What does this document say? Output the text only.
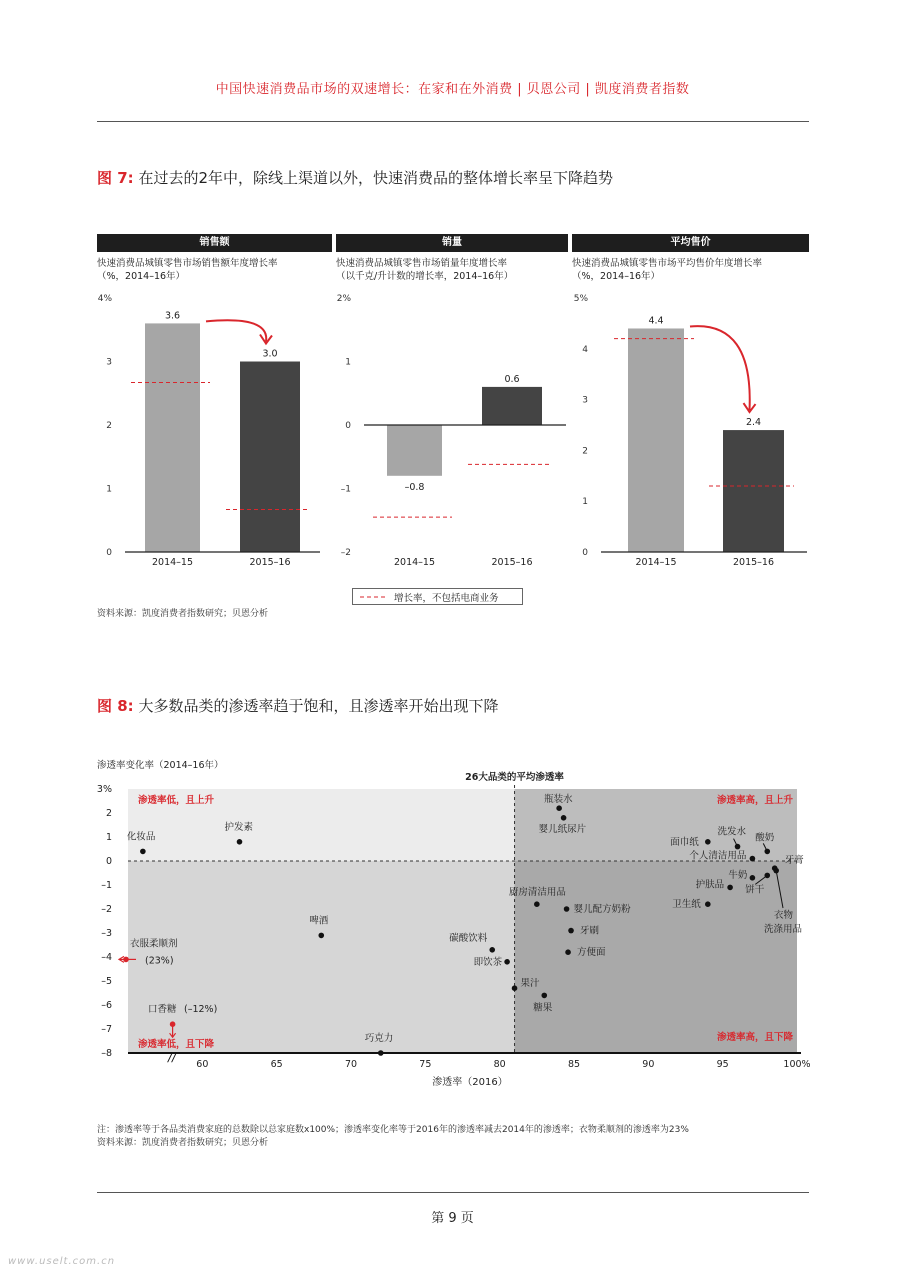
中国快速消费品市场的双速增长：在家和在外消费 | 贝恩公司 | 凯度消费者指数
图 7: 在过去的2年中，除线上渠道以外，快速消费品的整体增长率呈下降趋势
销售额	销量	平均售价
快速消费品城镇零售市场销售额年度增长率
（%，2014–16年）
快速消费品城镇零售市场销量年度增长率
（以千克/升计数的增长率，2014–16年）
快速消费品城镇零售市场平均售价年度增长率
（%，2014–16年）
0
1
2
3
4%
3.6
2014–15
3.0
2015–16
–2
–1
0
1
2%
–0.8
2014–15
0.6
2015–16
0
1
2
3
4
5%
4.4
2014–15
2.4
2015–16
增长率，不包括电商业务
资料来源：凯度消费者指数研究；贝恩分析
图 8: 大多数品类的渗透率趋于饱和，且渗透率开始出现下降
渗透率变化率（2014–16年）
26大品类的平均渗透率
渗透率（2016）
–8
–7
–6
–5
–4
–3
–2
–1
0
1
2
3%
60	65	70	75	80	85	90	95	100%
//
渗透率低，且上升	渗透率高，且上升
渗透率低，且下降
渗透率高，且下降
瓶装水
婴儿纸尿片
化妆品
护发素
面巾纸
洗发水
酸奶
个人清洁用品	牙膏
牛奶
护肤品 饼干
衣物
洗涤用品
卫生纸
厨房清洁用品
婴儿配方奶粉
啤酒
牙刷
碳酸饮料
方便面
即饮茶
果汁
糖果
巧克力
衣服柔顺剂
(23%)
口香糖 (–12%)
注：渗透率等于各品类消费家庭的总数除以总家庭数x100%；渗透率变化率等于2016年的渗透率减去2014年的渗透率；衣物柔顺剂的渗透率为23%
资料来源：凯度消费者指数研究；贝恩分析
第 9 页
www.uselt.com.cn
